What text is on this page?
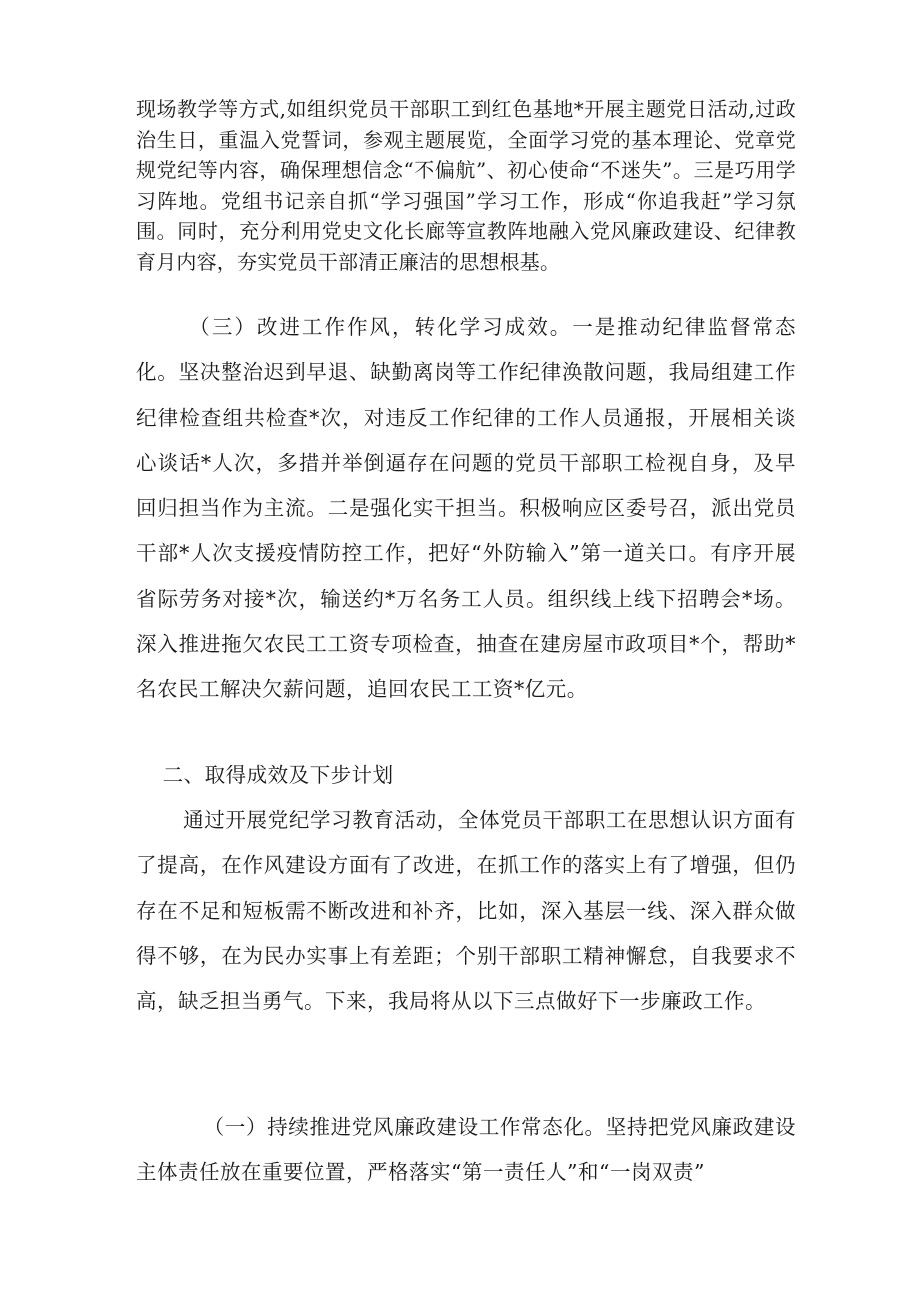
现场教学等方式,如组织党员干部职工到红色基地*开展主题党日活动,过政治生日，重温入党誓词，参观主题展览，全面学习党的基本理论、党章党规党纪等内容，确保理想信念“不偏航”、初心使命“不迷失”。三是巧用学习阵地。党组书记亲自抓“学习强国”学习工作，形成“你追我赶”学习氛围。同时，充分利用党史文化长廊等宣教阵地融入党风廉政建设、纪律教育月内容，夯实党员干部清正廉洁的思想根基。

（三）改进工作作风，转化学习成效。一是推动纪律监督常态化。坚决整治迟到早退、缺勤离岗等工作纪律涣散问题，我局组建工作纪律检查组共检查*次，对违反工作纪律的工作人员通报，开展相关谈心谈话*人次，多措并举倒逼存在问题的党员干部职工检视自身，及早回归担当作为主流。二是强化实干担当。积极响应区委号召，派出党员干部*人次支援疫情防控工作，把好“外防输入”第一道关口。有序开展省际劳务对接*次，输送约*万名务工人员。组织线上线下招聘会*场。深入推进拖欠农民工工资专项检查，抽查在建房屋市政项目*个，帮助*名农民工解决欠薪问题，追回农民工工资*亿元。

二、取得成效及下步计划

通过开展党纪学习教育活动，全体党员干部职工在思想认识方面有了提高，在作风建设方面有了改进，在抓工作的落实上有了增强，但仍存在不足和短板需不断改进和补齐，比如，深入基层一线、深入群众做得不够，在为民办实事上有差距；个别干部职工精神懈怠，自我要求不高，缺乏担当勇气。下来，我局将从以下三点做好下一步廉政工作。

（一）持续推进党风廉政建设工作常态化。坚持把党风廉政建设主体责任放在重要位置，严格落实“第一责任人”和“一岗双责”
